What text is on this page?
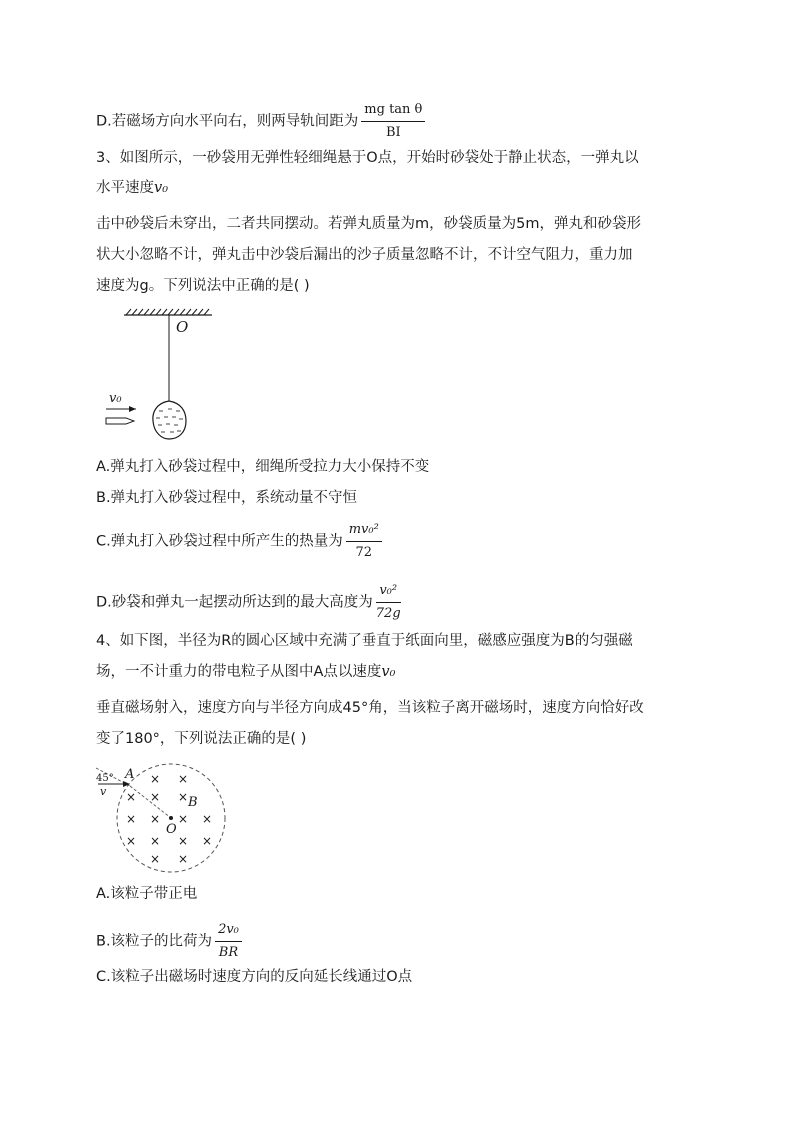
D.若磁场方向水平向右，则两导轨间距为 $\frac{\text{mg tan θ}}{BI}$
3、如图所示，一砂袋用无弹性轻细绳悬于O点，开始时砂袋处于静止状态，一弹丸以
水平速度v₀
击中砂袋后未穿出，二者共同摆动。若弹丸质量为m，砂袋质量为5m，弹丸和砂袋形
状大小忽略不计，弹丸击中沙袋后漏出的沙子质量忽略不计，不计空气阻力，重力加
速度为g。下列说法中正确的是( )
O
v₀
A.弹丸打入砂袋过程中，细绳所受拉力大小保持不变
B.弹丸打入砂袋过程中，系统动量不守恒
C.弹丸打入砂袋过程中所产生的热量为 $\frac{\text{mv₀²}}{72}$
D.砂袋和弹丸一起摆动所达到的最大高度为 $\frac{\text{v₀²}}{72g}$
4、如下图，半径为R的圆心区域中充满了垂直于纸面向里，磁感应强度为B的匀强磁
场，一不计重力的带电粒子从图中A点以速度v₀
垂直磁场射入，速度方向与半径方向成45°角，当该粒子离开磁场时，速度方向恰好改
变了180°，下列说法正确的是( )
45°
v
A
B
O
× ×
× × ×
× × × ×
× × × ×
× ×
A.该粒子带正电
B.该粒子的比荷为 $\frac{\text{2v₀}}{BR}$
C.该粒子出磁场时速度方向的反向延长线通过O点
